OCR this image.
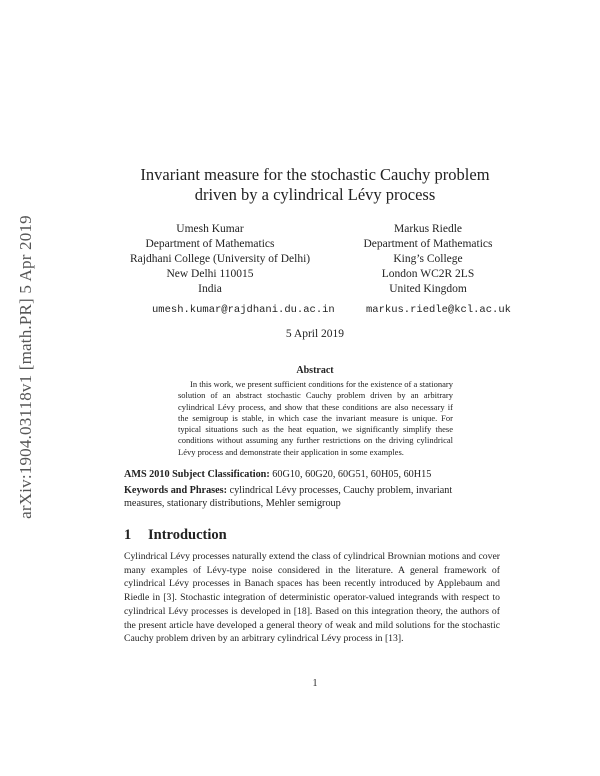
arXiv:1904.03118v1 [math.PR] 5 Apr 2019
Invariant measure for the stochastic Cauchy problem
driven by a cylindrical Lévy process
Umesh Kumar
Department of Mathematics
Rajdhani College (University of Delhi)
New Delhi 110015
India
Markus Riedle
Department of Mathematics
King’s College
London WC2R 2LS
United Kingdom
umesh.kumar@rajdhani.du.ac.in	markus.riedle@kcl.ac.uk
5 April 2019
Abstract
In this work, we present sufficient conditions for the existence of a stationary solution of an abstract stochastic Cauchy problem driven by an arbitrary cylindrical Lévy process, and show that these conditions are also necessary if the semigroup is stable, in which case the invariant measure is unique. For typical situations such as the heat equation, we significantly simplify these conditions without assuming any further restrictions on the driving cylindrical Lévy process and demonstrate their application in some examples.
AMS 2010 Subject Classification: 60G10, 60G20, 60G51, 60H05, 60H15
Keywords and Phrases: cylindrical Lévy processes, Cauchy problem, invariant measures, stationary distributions, Mehler semigroup
1 Introduction
Cylindrical Lévy processes naturally extend the class of cylindrical Brownian motions and cover many examples of Lévy-type noise considered in the literature. A general framework of cylindrical Lévy processes in Banach spaces has been recently introduced by Applebaum and Riedle in [3]. Stochastic integration of deterministic operator-valued integrands with respect to cylindrical Lévy processes is developed in [18]. Based on this integration theory, the authors of the present article have developed a general theory of weak and mild solutions for the stochastic Cauchy problem driven by an arbitrary cylindrical Lévy process in [13].
1
